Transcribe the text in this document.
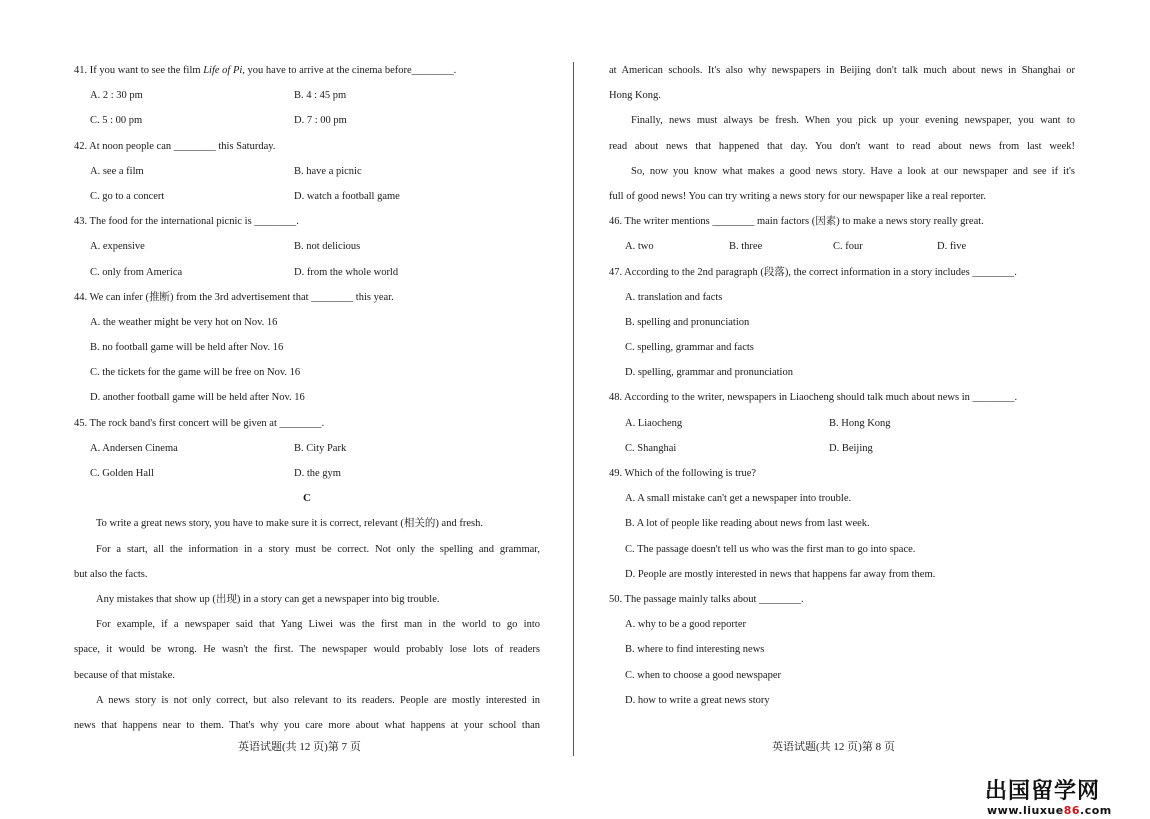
41. If you want to see the film Life of Pi, you have to arrive at the cinema before________.
A. 2 : 30 pm	B. 4 : 45 pm
C. 5 : 00 pm	D. 7 : 00 pm
42. At noon people can ________ this Saturday.
A. see a film	B. have a picnic
C. go to a concert	D. watch a football game
43. The food for the international picnic is ________.
A. expensive	B. not delicious
C. only from America	D. from the whole world
44. We can infer (推断) from the 3rd advertisement that ________ this year.
A. the weather might be very hot on Nov. 16
B. no football game will be held after Nov. 16
C. the tickets for the game will be free on Nov. 16
D. another football game will be held after Nov. 16
45. The rock band's first concert will be given at ________.
A. Andersen Cinema	B. City Park
C. Golden Hall	D. the gym
C
To write a great news story, you have to make sure it is correct, relevant (相关的) and fresh.
For a start, all the information in a story must be correct. Not only the spelling and grammar,
but also the facts.
Any mistakes that show up (出现) in a story can get a newspaper into big trouble.
For example, if a newspaper said that Yang Liwei was the first man in the world to go into
space, it would be wrong. He wasn't the first. The newspaper would probably lose lots of readers
because of that mistake.
A news story is not only correct, but also relevant to its readers. People are mostly interested in
news that happens near to them. That's why you care more about what happens at your school than
at American schools. It's also why newspapers in Beijing don't talk much about news in Shanghai or
Hong Kong.
Finally, news must always be fresh. When you pick up your evening newspaper, you want to
read about news that happened that day. You don't want to read about news from last week!
So, now you know what makes a good news story. Have a look at our newspaper and see if it's
full of good news! You can try writing a news story for our newspaper like a real reporter.
46. The writer mentions ________ main factors (因素) to make a news story really great.
A. two	B. three	C. four	D. five
47. According to the 2nd paragraph (段落), the correct information in a story includes ________.
A. translation and facts
B. spelling and pronunciation
C. spelling, grammar and facts
D. spelling, grammar and pronunciation
48. According to the writer, newspapers in Liaocheng should talk much about news in ________.
A. Liaocheng	B. Hong Kong
C. Shanghai	D. Beijing
49. Which of the following is true?
A. A small mistake can't get a newspaper into trouble.
B. A lot of people like reading about news from last week.
C. The passage doesn't tell us who was the first man to go into space.
D. People are mostly interested in news that happens far away from them.
50. The passage mainly talks about ________.
A. why to be a good reporter
B. where to find interesting news
C. when to choose a good newspaper
D. how to write a great news story
英语试题(共 12 页)第 7 页	英语试题(共 12 页)第 8 页
出国留学网
www.liuxue86.com
